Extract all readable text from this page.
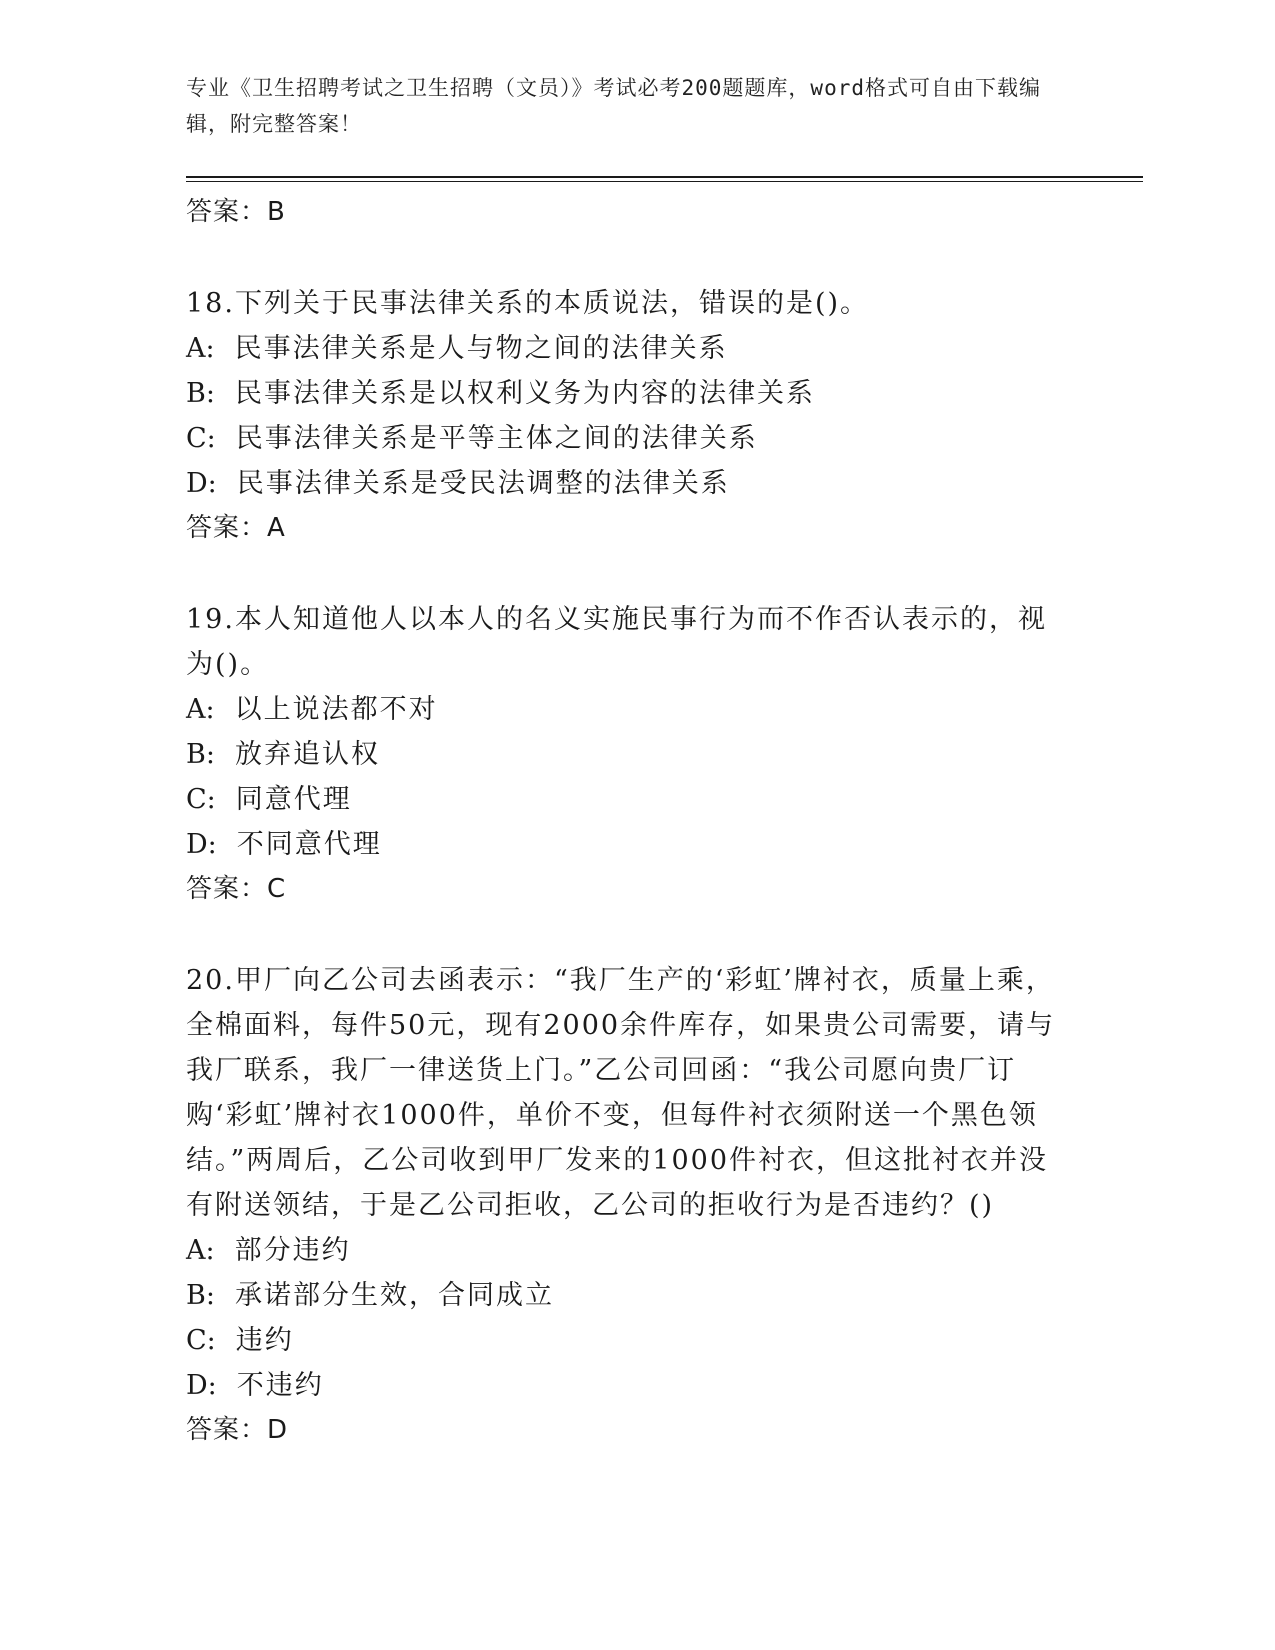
专业《卫生招聘考试之卫生招聘（文员）》考试必考200题题库，word格式可自由下载编辑，附完整答案！
答案：B
18.下列关于民事法律关系的本质说法，错误的是()。
A: 民事法律关系是人与物之间的法律关系
B: 民事法律关系是以权利义务为内容的法律关系
C: 民事法律关系是平等主体之间的法律关系
D: 民事法律关系是受民法调整的法律关系
答案：A
19.本人知道他人以本人的名义实施民事行为而不作否认表示的，视为()。
A: 以上说法都不对
B: 放弃追认权
C: 同意代理
D: 不同意代理
答案：C
20.甲厂向乙公司去函表示：“我厂生产的‘彩虹’牌衬衣，质量上乘，全棉面料，每件50元，现有2000余件库存，如果贵公司需要，请与我厂联系，我厂一律送货上门。”乙公司回函：“我公司愿向贵厂订购‘彩虹’牌衬衣1000件，单价不变，但每件衬衣须附送一个黑色领结。”两周后，乙公司收到甲厂发来的1000件衬衣，但这批衬衣并没有附送领结，于是乙公司拒收，乙公司的拒收行为是否违约？()
A: 部分违约
B: 承诺部分生效，合同成立
C: 违约
D: 不违约
答案：D
